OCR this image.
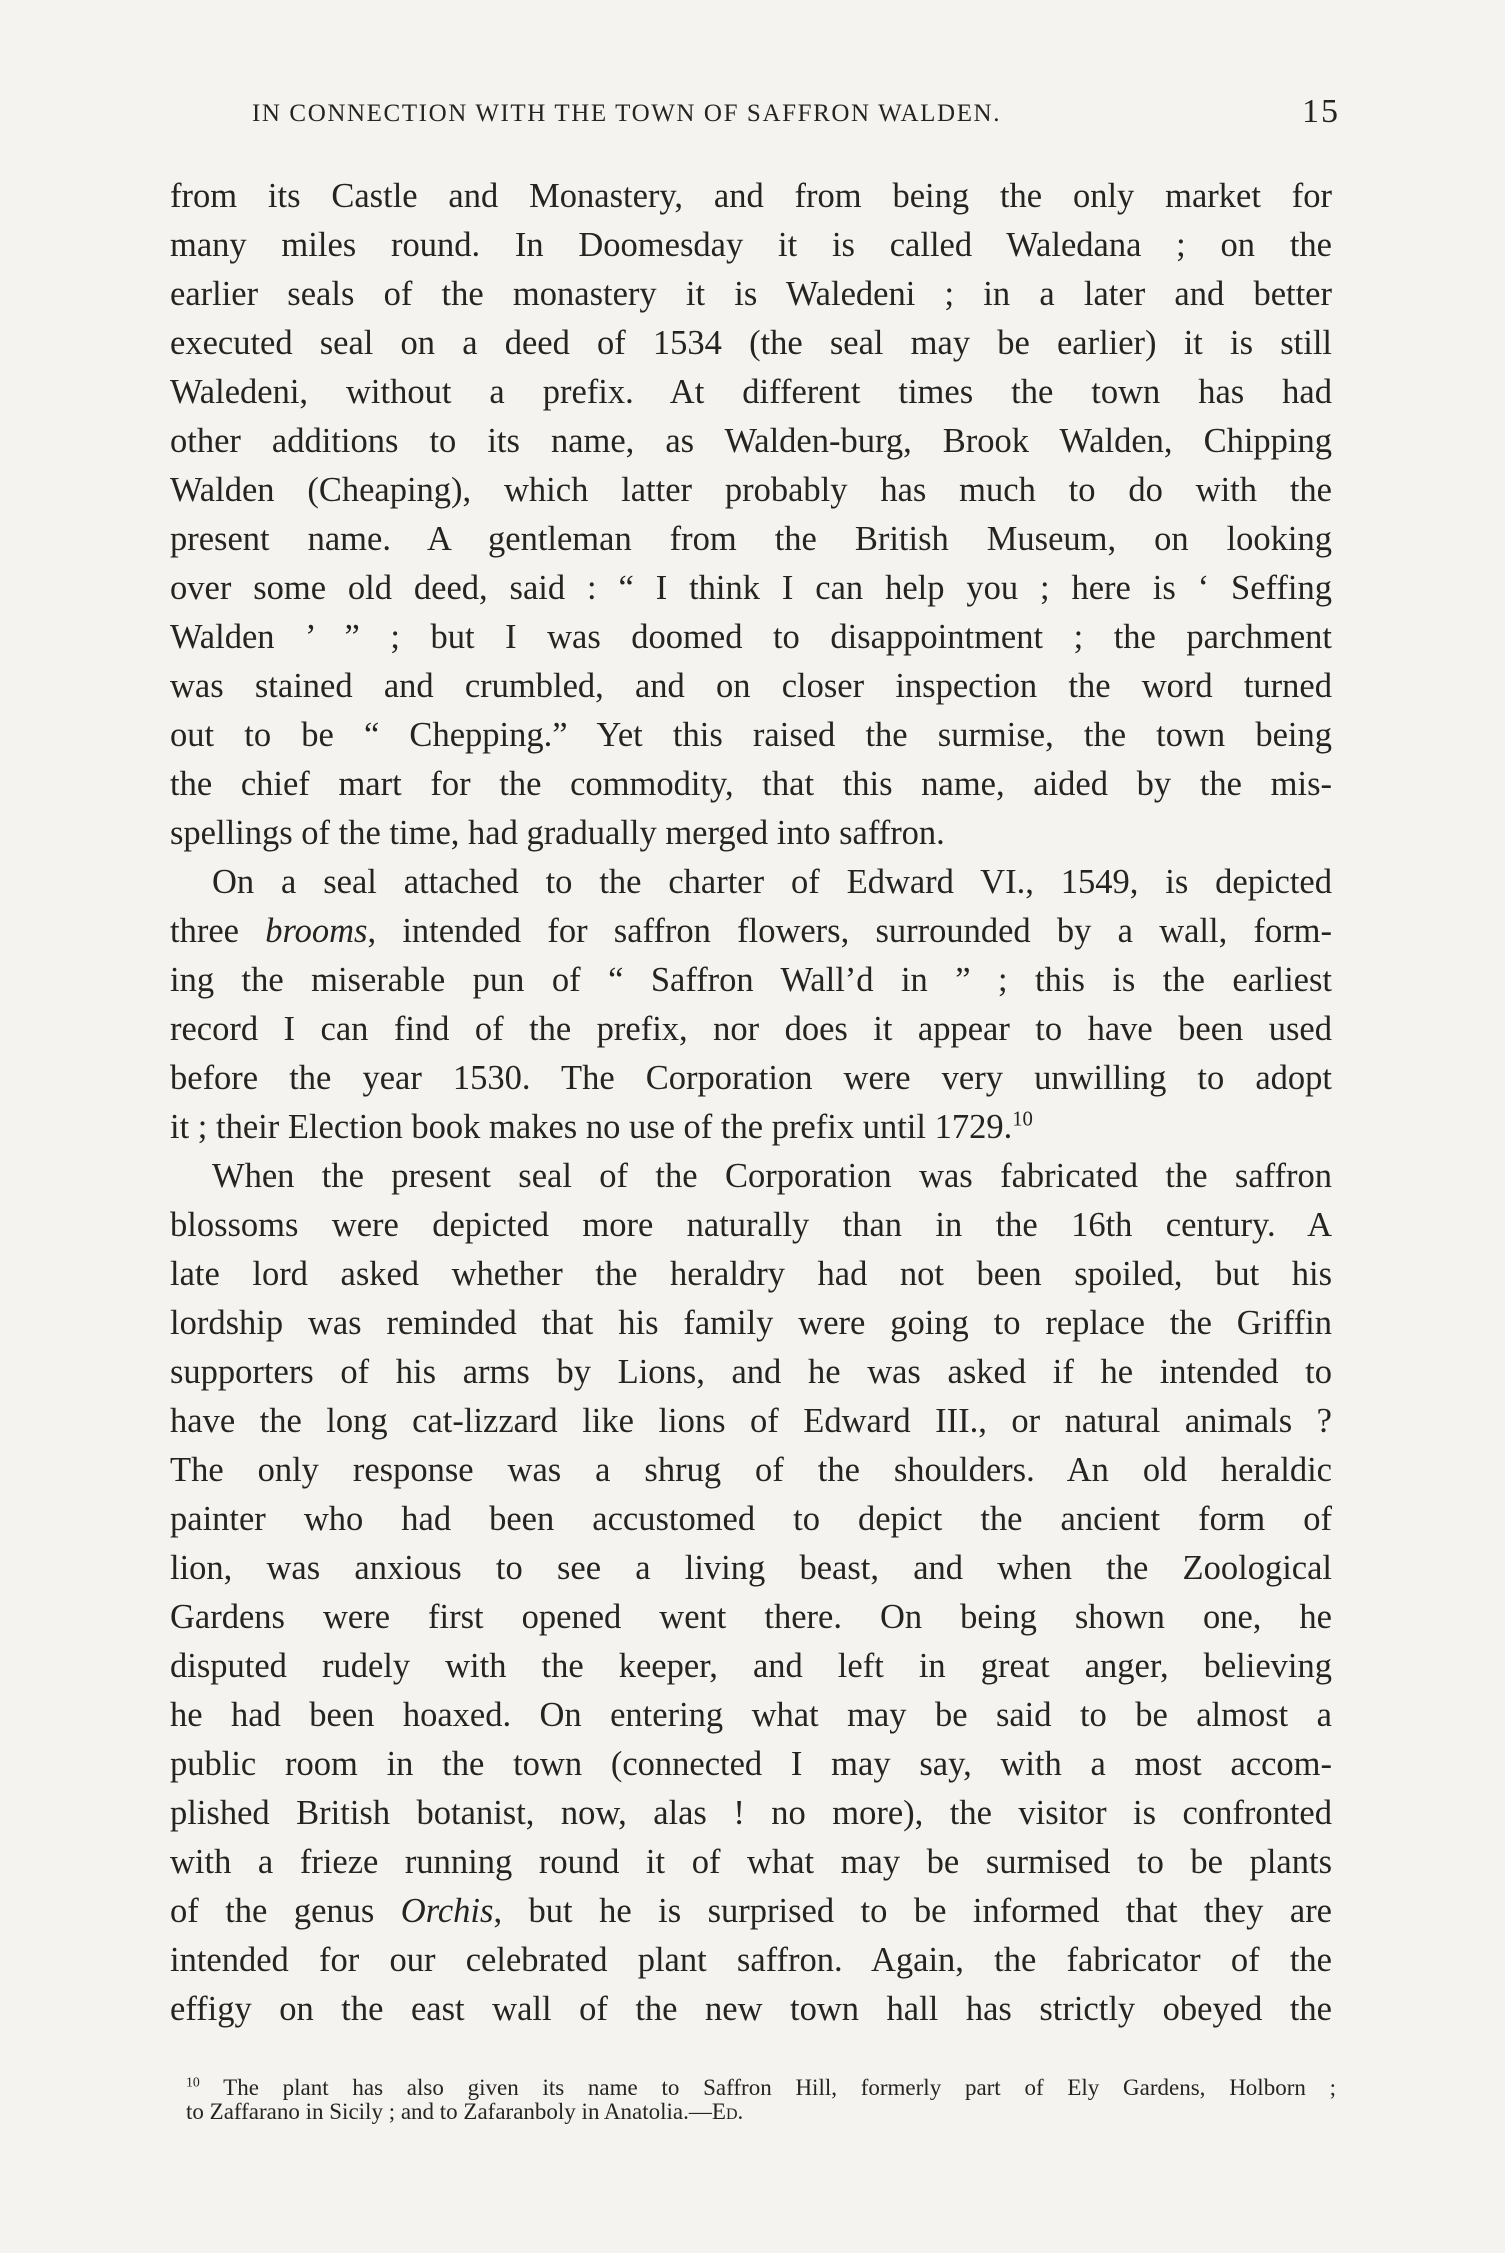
IN CONNECTION WITH THE TOWN OF SAFFRON WALDEN.	15
from its Castle and Monastery, and from being the only market for
many miles round. In Doomesday it is called Waledana ; on the
earlier seals of the monastery it is Waledeni ; in a later and better
executed seal on a deed of 1534 (the seal may be earlier) it is still
Waledeni, without a prefix. At different times the town has had
other additions to its name, as Walden-burg, Brook Walden, Chipping
Walden (Cheaping), which latter probably has much to do with the
present name. A gentleman from the British Museum, on looking
over some old deed, said : “ I think I can help you ; here is ‘ Seffing
Walden ’ ” ; but I was doomed to disappointment ; the parchment
was stained and crumbled, and on closer inspection the word turned
out to be “ Chepping.” Yet this raised the surmise, the town being
the chief mart for the commodity, that this name, aided by the mis-
spellings of the time, had gradually merged into saffron.
On a seal attached to the charter of Edward VI., 1549, is depicted
three brooms, intended for saffron flowers, surrounded by a wall, form-
ing the miserable pun of “ Saffron Wall’d in ” ; this is the earliest
record I can find of the prefix, nor does it appear to have been used
before the year 1530. The Corporation were very unwilling to adopt
it ; their Election book makes no use of the prefix until 1729.10
When the present seal of the Corporation was fabricated the saffron
blossoms were depicted more naturally than in the 16th century. A
late lord asked whether the heraldry had not been spoiled, but his
lordship was reminded that his family were going to replace the Griffin
supporters of his arms by Lions, and he was asked if he intended to
have the long cat-lizzard like lions of Edward III., or natural animals ?
The only response was a shrug of the shoulders. An old heraldic
painter who had been accustomed to depict the ancient form of
lion, was anxious to see a living beast, and when the Zoological
Gardens were first opened went there. On being shown one, he
disputed rudely with the keeper, and left in great anger, believing
he had been hoaxed. On entering what may be said to be almost a
public room in the town (connected I may say, with a most accom-
plished British botanist, now, alas ! no more), the visitor is confronted
with a frieze running round it of what may be surmised to be plants
of the genus Orchis, but he is surprised to be informed that they are
intended for our celebrated plant saffron. Again, the fabricator of the
effigy on the east wall of the new town hall has strictly obeyed the
$^{10}$ The plant has also given its name to Saffron Hill, formerly part of Ely Gardens, Holborn ;
to Zaffarano in Sicily ; and to Zafaranboly in Anatolia.—Ed.
